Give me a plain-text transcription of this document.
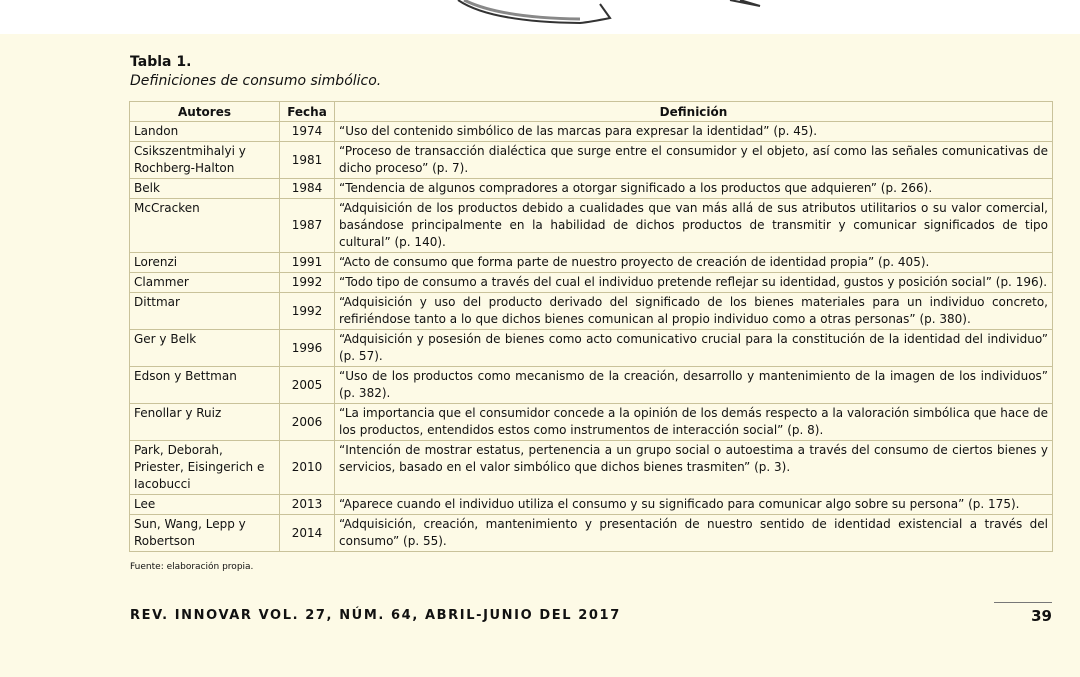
Tabla 1.
Definiciones de consumo simbólico.
Autores	Fecha	Definición
Landon	1974	“Uso del contenido simbólico de las marcas para expresar la identidad” (p. 45).
Csikszentmihalyi y Rochberg-Halton	1981	“Proceso de transacción dialéctica que surge entre el consumidor y el objeto, así como las señales comunicativas de dicho proceso” (p. 7).
Belk	1984	“Tendencia de algunos compradores a otorgar significado a los productos que adquieren” (p. 266).
McCracken	1987	“Adquisición de los productos debido a cualidades que van más allá de sus atributos utilitarios o su valor comercial, basándose principalmente en la habilidad de dichos productos de transmitir y comunicar significados de tipo cultural” (p. 140).
Lorenzi	1991	“Acto de consumo que forma parte de nuestro proyecto de creación de identidad propia” (p. 405).
Clammer	1992	“Todo tipo de consumo a través del cual el individuo pretende reflejar su identidad, gustos y posición social” (p. 196).
Dittmar	1992	“Adquisición y uso del producto derivado del significado de los bienes materiales para un individuo concreto, refiriéndose tanto a lo que dichos bienes comunican al propio individuo como a otras personas” (p. 380).
Ger y Belk	1996	“Adquisición y posesión de bienes como acto comunicativo crucial para la constitución de la identidad del individuo” (p. 57).
Edson y Bettman	2005	“Uso de los productos como mecanismo de la creación, desarrollo y mantenimiento de la imagen de los individuos” (p. 382).
Fenollar y Ruiz	2006	“La importancia que el consumidor concede a la opinión de los demás respecto a la valoración simbólica que hace de los productos, entendidos estos como instrumentos de interacción social” (p. 8).
Park, Deborah, Priester, Eisingerich e Iacobucci	2010	“Intención de mostrar estatus, pertenencia a un grupo social o autoestima a través del consumo de ciertos bienes y servicios, basado en el valor simbólico que dichos bienes trasmiten” (p. 3).
Lee	2013	“Aparece cuando el individuo utiliza el consumo y su significado para comunicar algo sobre su persona” (p. 175).
Sun, Wang, Lepp y Robertson	2014	“Adquisición, creación, mantenimiento y presentación de nuestro sentido de identidad existencial a través del consumo” (p. 55).
Fuente: elaboración propia.
REV. INNOVAR VOL. 27, NÚM. 64, ABRIL-JUNIO DEL 2017	39
